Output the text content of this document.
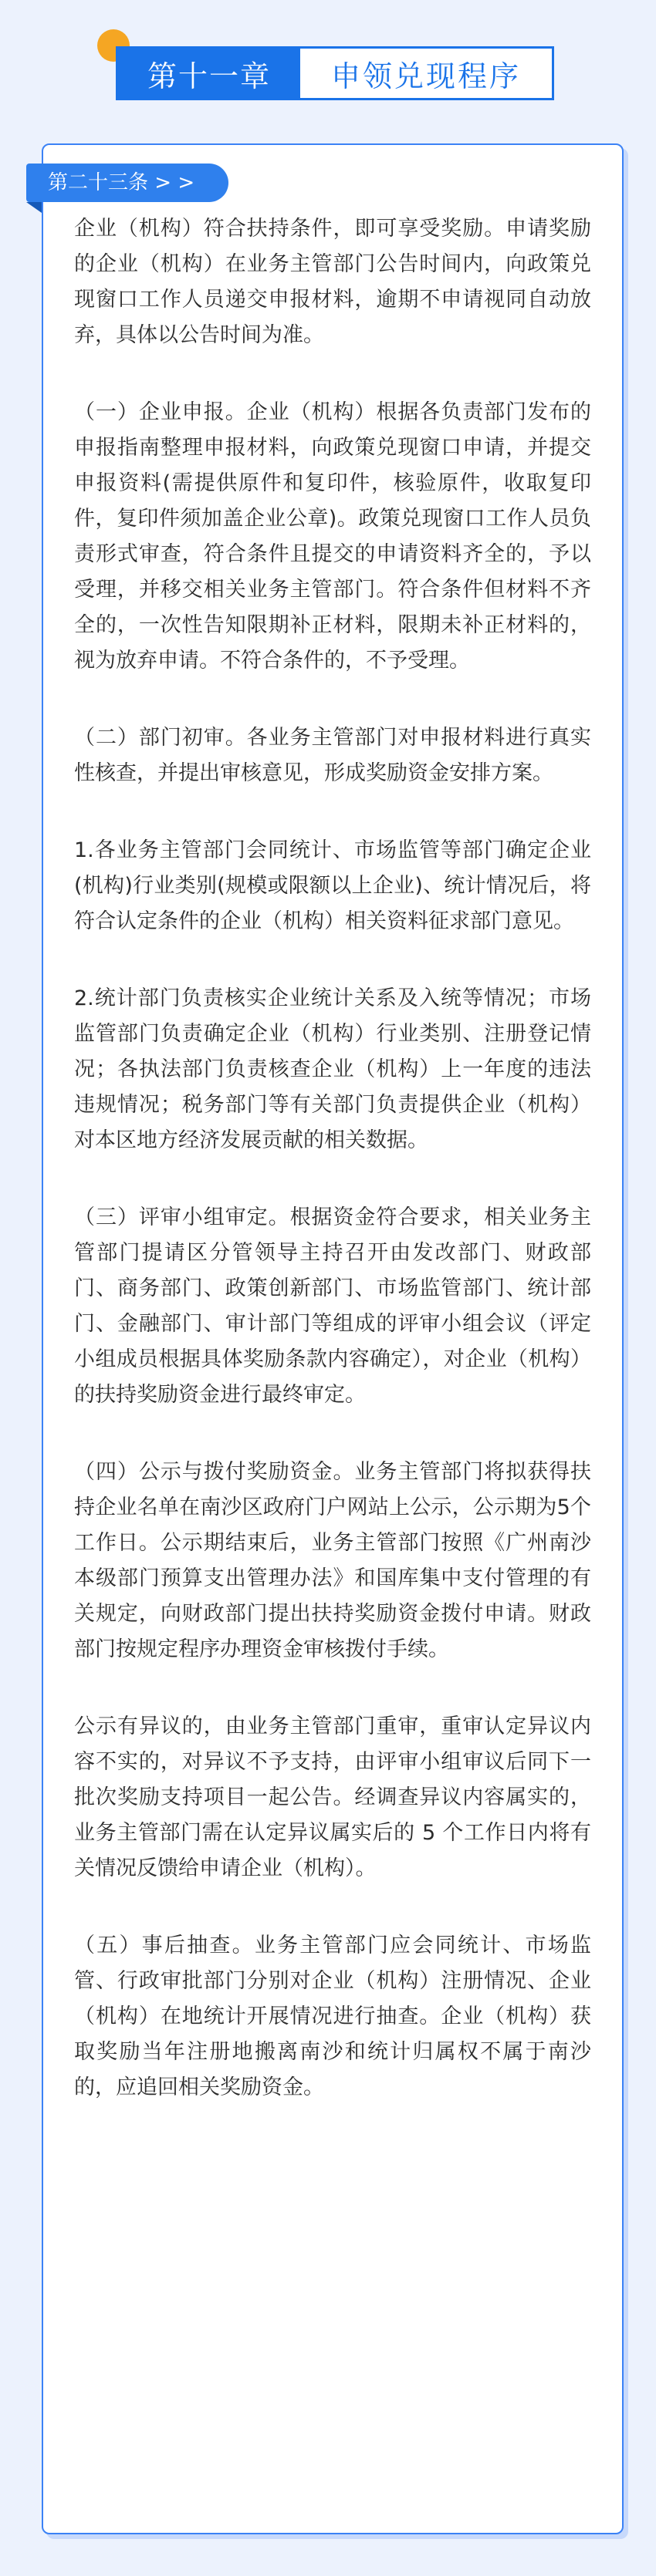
第十一章	申领兑现程序
第二十三条 > >

企业（机构）符合扶持条件，即可享受奖励。申请奖励的企业（机构）在业务主管部门公告时间内，向政策兑现窗口工作人员递交申报材料，逾期不申请视同自动放弃，具体以公告时间为准。

（一）企业申报。企业（机构）根据各负责部门发布的申报指南整理申报材料，向政策兑现窗口申请，并提交申报资料(需提供原件和复印件，核验原件，收取复印件，复印件须加盖企业公章)。政策兑现窗口工作人员负责形式审查，符合条件且提交的申请资料齐全的，予以受理，并移交相关业务主管部门。符合条件但材料不齐全的，一次性告知限期补正材料，限期未补正材料的，视为放弃申请。不符合条件的，不予受理。

（二）部门初审。各业务主管部门对申报材料进行真实性核查，并提出审核意见，形成奖励资金安排方案。

1.各业务主管部门会同统计、市场监管等部门确定企业(机构)行业类别(规模或限额以上企业)、统计情况后，将符合认定条件的企业（机构）相关资料征求部门意见。

2.统计部门负责核实企业统计关系及入统等情况；市场监管部门负责确定企业（机构）行业类别、注册登记情况；各执法部门负责核查企业（机构）上一年度的违法违规情况；税务部门等有关部门负责提供企业（机构）对本区地方经济发展贡献的相关数据。

（三）评审小组审定。根据资金符合要求，相关业务主管部门提请区分管领导主持召开由发改部门、财政部门、商务部门、政策创新部门、市场监管部门、统计部门、金融部门、审计部门等组成的评审小组会议（评定小组成员根据具体奖励条款内容确定），对企业（机构）的扶持奖励资金进行最终审定。

（四）公示与拨付奖励资金。业务主管部门将拟获得扶持企业名单在南沙区政府门户网站上公示，公示期为5个工作日。公示期结束后，业务主管部门按照《广州南沙本级部门预算支出管理办法》和国库集中支付管理的有关规定，向财政部门提出扶持奖励资金拨付申请。财政部门按规定程序办理资金审核拨付手续。

公示有异议的，由业务主管部门重审，重审认定异议内容不实的，对异议不予支持，由评审小组审议后同下一批次奖励支持项目一起公告。经调查异议内容属实的，业务主管部门需在认定异议属实后的 5 个工作日内将有关情况反馈给申请企业（机构）。

（五）事后抽查。业务主管部门应会同统计、市场监管、行政审批部门分别对企业（机构）注册情况、企业（机构）在地统计开展情况进行抽查。企业（机构）获取奖励当年注册地搬离南沙和统计归属权不属于南沙的，应追回相关奖励资金。
